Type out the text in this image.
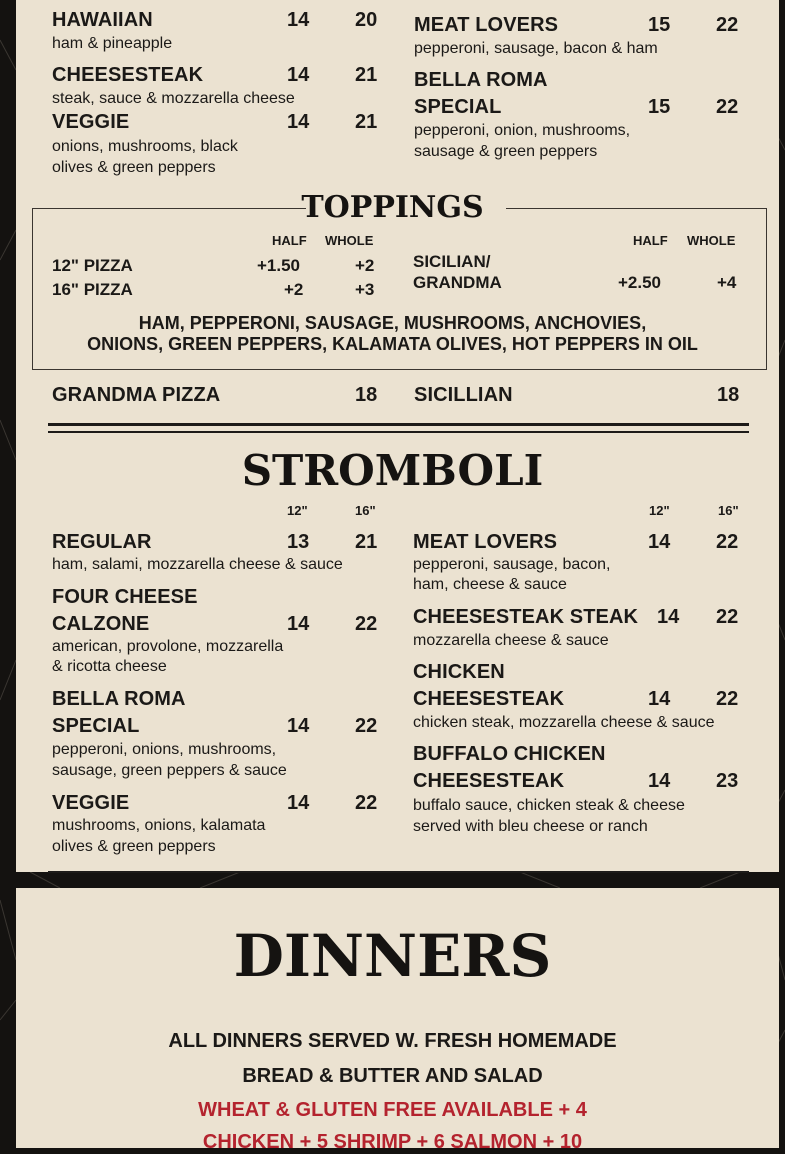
HAWAIIAN	14 20
ham & pineapple
CHEESESTEAK	14 21
steak, sauce & mozzarella cheese
VEGGIE	14 21
onions, mushrooms, black
olives & green peppers
MEAT LOVERS	15 22
pepperoni, sausage, bacon & ham
BELLA ROMA
SPECIAL	15 22
pepperoni, onion, mushrooms,
sausage & green peppers
TOPPINGS
HALF WHOLE	HALF WHOLE
12" PIZZA	+1.50	+2
16" PIZZA	+2	+3
SICILIAN/
GRANDMA	+2.50	+4
HAM, PEPPERONI, SAUSAGE, MUSHROOMS, ANCHOVIES,
ONIONS, GREEN PEPPERS, KALAMATA OLIVES, HOT PEPPERS IN OIL
GRANDMA PIZZA	18 SICILLIAN	18
STROMBOLI
12"	16"	12"	16"
REGULAR	13 21
ham, salami, mozzarella cheese & sauce
FOUR CHEESE
CALZONE	14 22
american, provolone, mozzarella
& ricotta cheese
BELLA ROMA
SPECIAL	14 22
pepperoni, onions, mushrooms,
sausage, green peppers & sauce
VEGGIE	14 22
mushrooms, onions, kalamata
olives & green peppers
MEAT LOVERS	14 22
pepperoni, sausage, bacon,
ham, cheese & sauce
CHEESESTEAK STEAK 14 22
mozzarella cheese & sauce
CHICKEN
CHEESESTEAK	14 22
chicken steak, mozzarella cheese & sauce
BUFFALO CHICKEN
CHEESESTEAK	14 23
buffalo sauce, chicken steak & cheese
served with bleu cheese or ranch
DINNERS
ALL DINNERS SERVED W. FRESH HOMEMADE
BREAD & BUTTER AND SALAD
WHEAT & GLUTEN FREE AVAILABLE + 4
CHICKEN + 5 SHRIMP + 6 SALMON + 10
